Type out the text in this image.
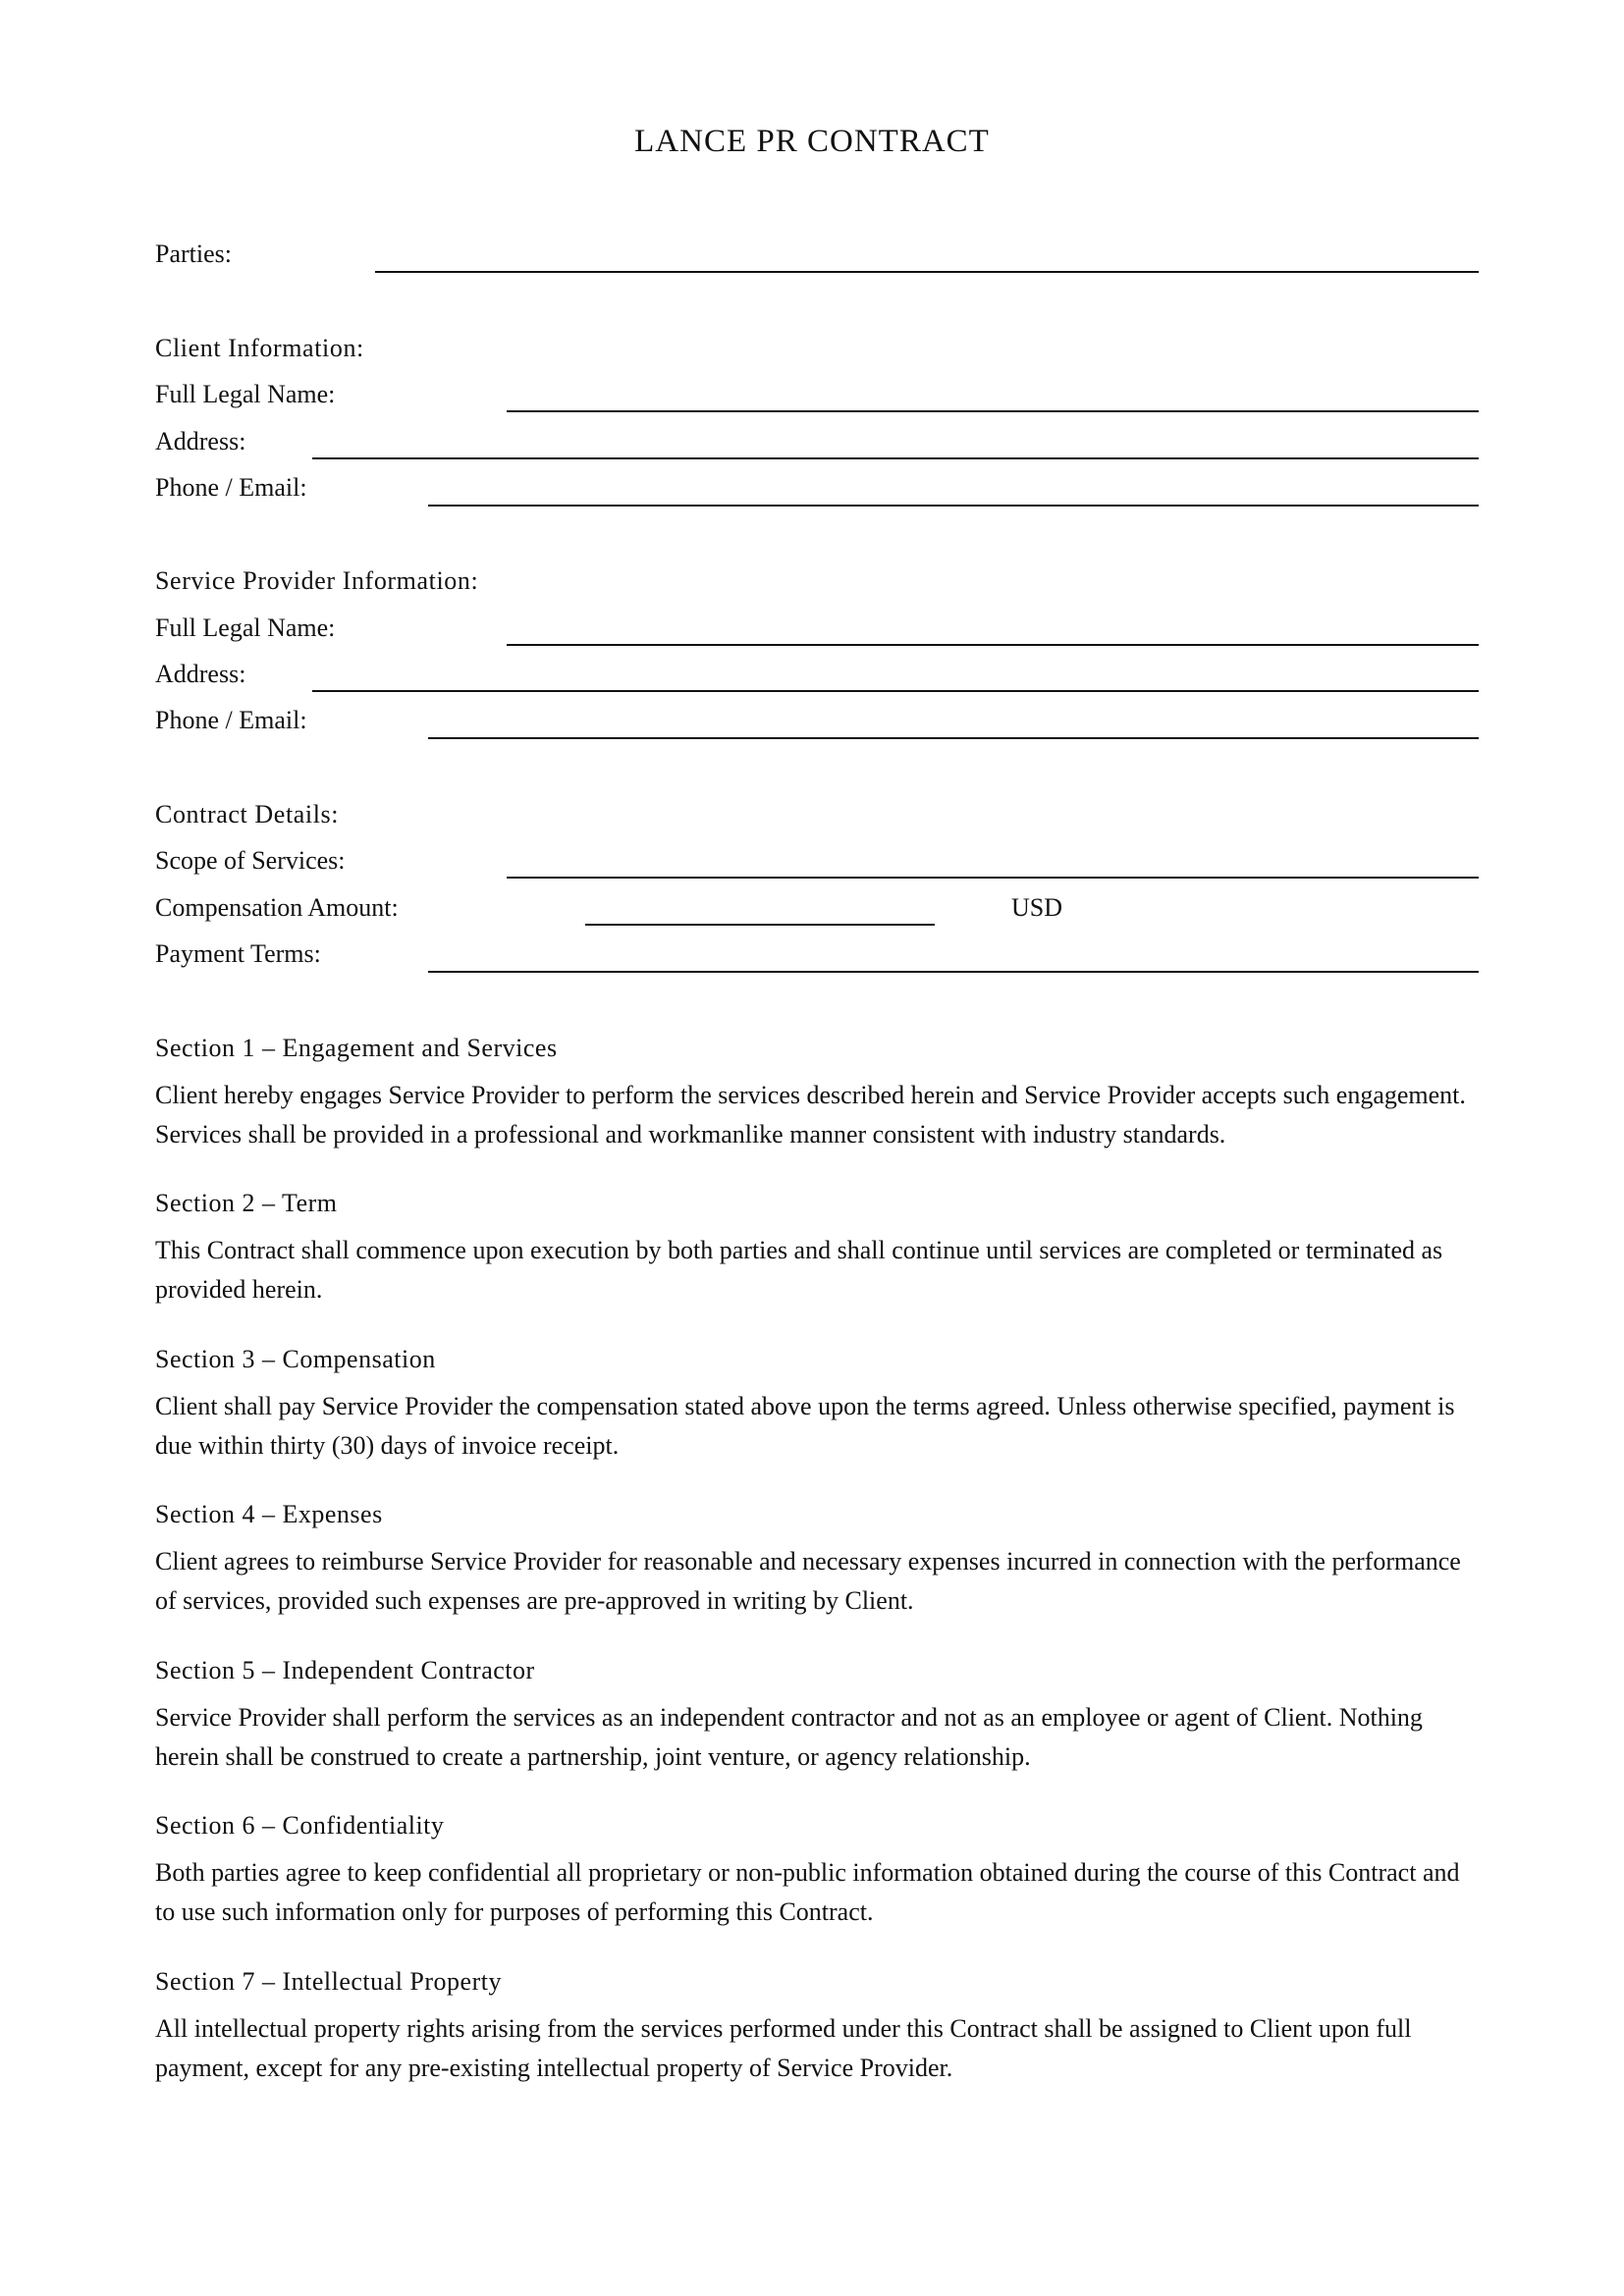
LANCE PR CONTRACT
Parties:
Client Information:
Full Legal Name:
Address:
Phone / Email:
Service Provider Information:
Full Legal Name:
Address:
Phone / Email:
Contract Details:
Scope of Services:
Compensation Amount:	USD
Payment Terms:
Section 1 – Engagement and Services
Client hereby engages Service Provider to perform the services described herein and Service Provider accepts such engagement. Services shall be provided in a professional and workmanlike manner consistent with industry standards.
Section 2 – Term
This Contract shall commence upon execution by both parties and shall continue until services are completed or terminated as provided herein.
Section 3 – Compensation
Client shall pay Service Provider the compensation stated above upon the terms agreed. Unless otherwise specified, payment is due within thirty (30) days of invoice receipt.
Section 4 – Expenses
Client agrees to reimburse Service Provider for reasonable and necessary expenses incurred in connection with the performance of services, provided such expenses are pre-approved in writing by Client.
Section 5 – Independent Contractor
Service Provider shall perform the services as an independent contractor and not as an employee or agent of Client. Nothing herein shall be construed to create a partnership, joint venture, or agency relationship.
Section 6 – Confidentiality
Both parties agree to keep confidential all proprietary or non-public information obtained during the course of this Contract and to use such information only for purposes of performing this Contract.
Section 7 – Intellectual Property
All intellectual property rights arising from the services performed under this Contract shall be assigned to Client upon full payment, except for any pre-existing intellectual property of Service Provider.
